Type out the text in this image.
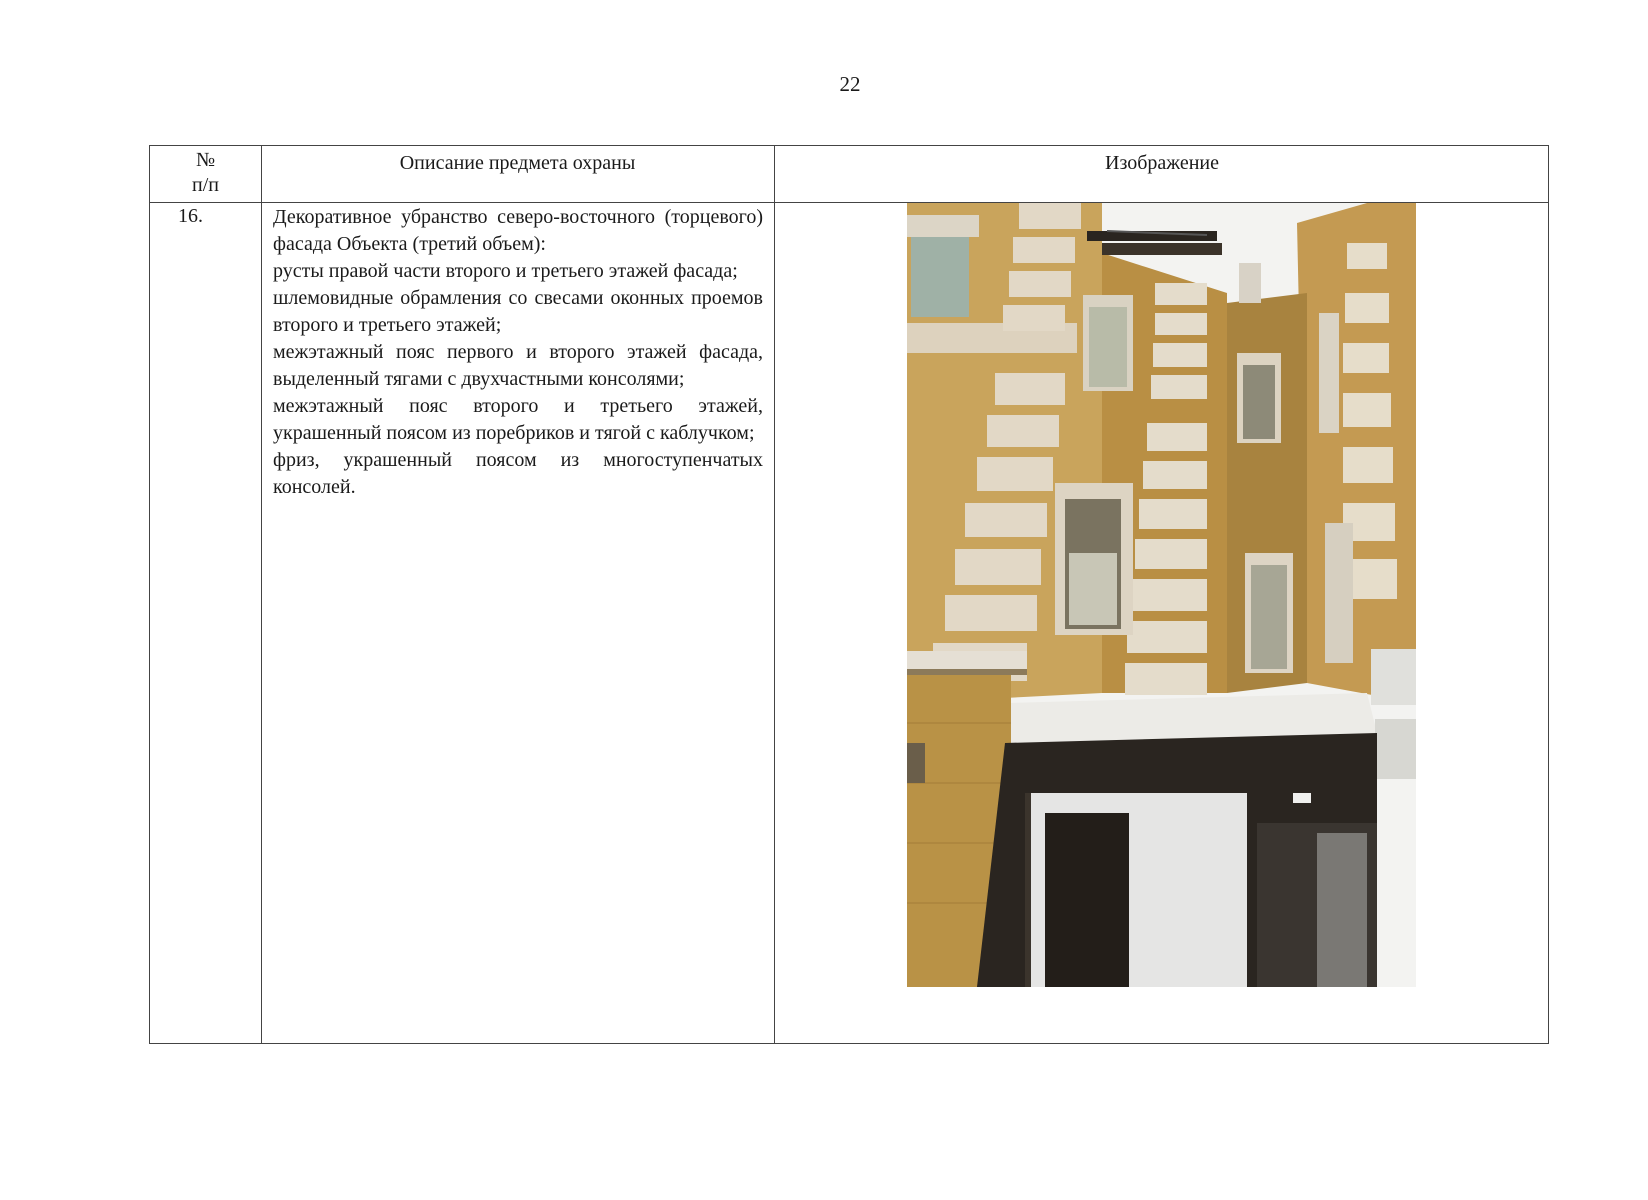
22
№
п/п
Описание предмета охраны	Изображение
16.	Декоративное убранство северо-восточного (торцевого) фасада Объекта (третий объем):

русты правой части второго и третьего этажей фасада;

шлемовидные обрамления со свесами оконных проемов второго и третьего этажей;

межэтажный пояс первого и второго этажей фасада, выделенный тягами с двухчастными консолями;

межэтажный пояс второго и третьего этажей, украшенный поясом из поребриков и тягой с каблучком;

фриз, украшенный поясом из многоступенчатых консолей.
